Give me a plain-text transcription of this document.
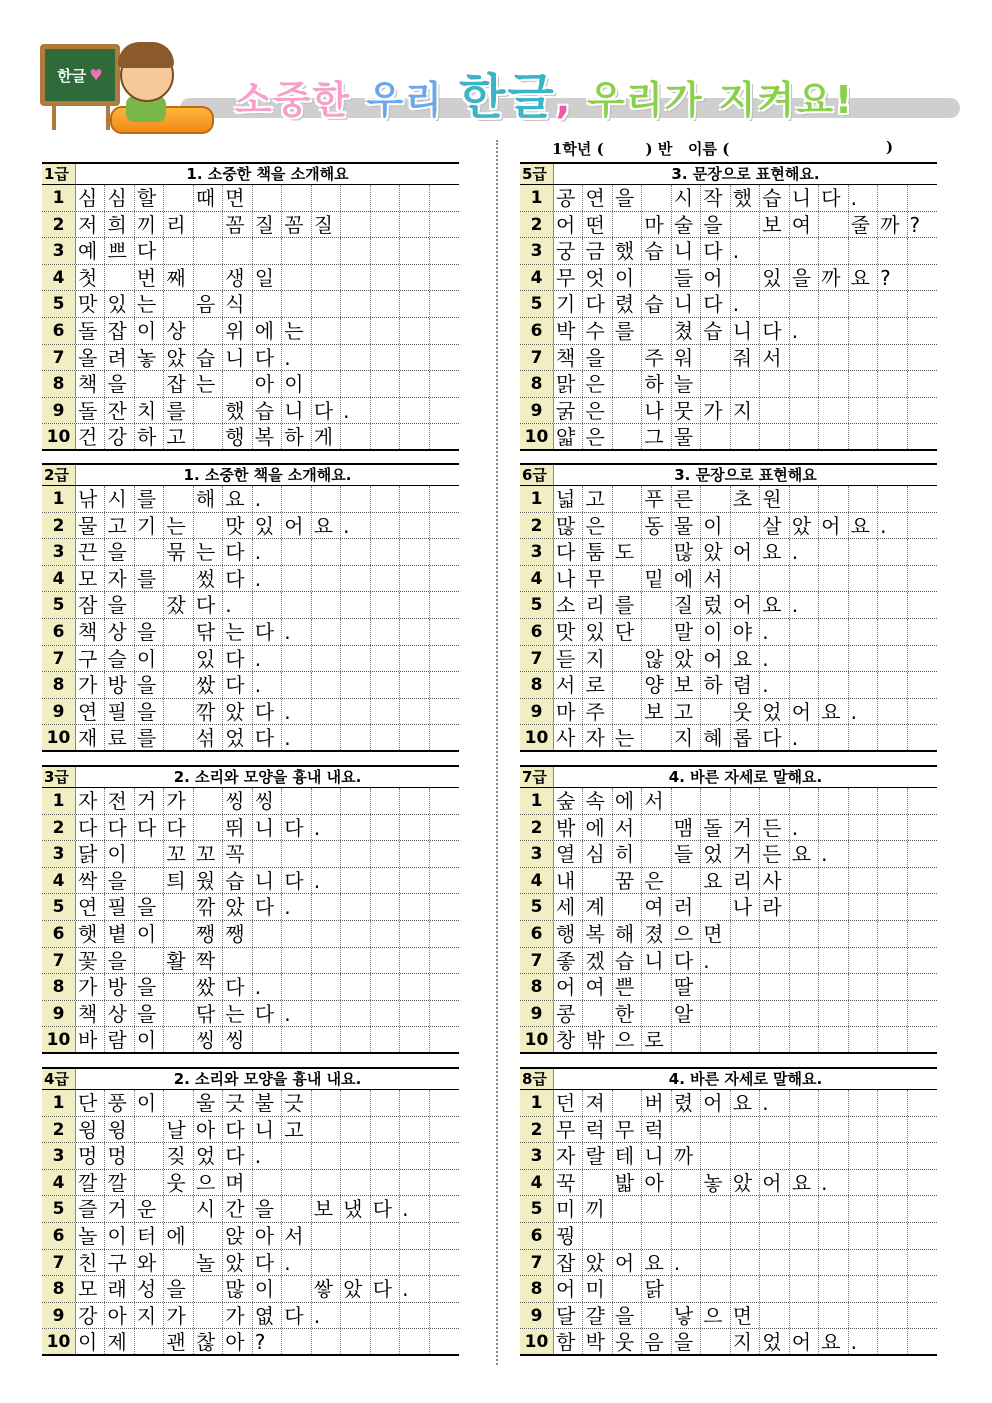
한글 ♥
소중한 우리 한글, 우리가 지켜요!
1학년 ( ) 반   이름 ( )
1급	1. 소중한 책을 소개해요
1 심 심 할	때 면
2 저 희 끼 리	꼼 질 꼼 질
3 예 쁘 다
4 첫	번 째	생 일
5 맛 있 는	음 식
6 돌 잡 이 상	위 에 는
7 올 려 놓 았 습 니 다 .
8 책 을	잡 는	아 이
9 돌 잔 치 를	했 습 니 다 .
10 건 강 하 고	행 복 하 게
2급	1. 소중한 책을 소개해요.
1 낚 시 를	해 요 .
2 물 고 기 는	맛 있 어 요 .
3 끈 을	묶 는 다 .
4 모 자 를	썼 다 .
5 잠 을	잤 다 .
6 책 상 을	닦 는 다 .
7 구 슬 이	있 다 .
8 가 방 을	쌌 다 .
9 연 필 을	깎 았 다 .
10 재 료 를	섞 었 다 .
3급	2. 소리와 모양을 흉내 내요.
1 자 전 거 가	씽 씽
2 다 다 다 다	뛰 니 다 .
3 닭 이	꼬 꼬 꼭
4 싹 을	틔 웠 습 니 다 .
5 연 필 을	깎 았 다 .
6 햇 볕 이	쨍 쨍
7 꽃 을	활 짝
8 가 방 을	쌌 다 .
9 책 상 을	닦 는 다 .
10 바 람 이	씽 씽
4급	2. 소리와 모양을 흉내 내요.
1 단 풍 이	울 긋 불 긋
2 윙 윙	날 아 다 니 고
3 멍 멍	짖 었 다 .
4 깔 깔	웃 으 며
5 즐 거 운	시 간 을	보 냈 다 .
6 놀 이 터 에	앉 아 서
7 친 구 와	놀 았 다 .
8 모 래 성 을	많 이	쌓 았 다 .
9 강 아 지 가	가 엾 다 .
10 이 제	괜 찮 아 ?
5급	3. 문장으로 표현해요.
1 공 연 을	시 작 했 습 니 다 .
2 어 떤	마 술 을	보 여	줄 까 ?
3 궁 금 했 습 니 다 .
4 무 엇 이	들 어	있 을 까 요 ?
5 기 다 렸 습 니 다 .
6 박 수 를	쳤 습 니 다 .
7 책 을	주 워	줘 서
8 맑 은	하 늘
9 굵 은	나 뭇 가 지
10 얇 은	그 물
6급	3. 문장으로 표현해요
1 넓 고	푸 른	초 원
2 많 은	동 물 이	살 았 어 요 .
3 다 툼 도	많 았 어 요 .
4 나 무	밑 에 서
5 소 리 를	질 렀 어 요 .
6 맛 있 단	말 이 야 .
7 듣 지	않 았 어 요 .
8 서 로	양 보 하 렴 .
9 마 주	보 고	웃 었 어 요 .
10 사 자 는	지 혜 롭 다 .
7급	4. 바른 자세로 말해요.
1 숲 속 에 서
2 밖 에 서	맴 돌 거 든 .
3 열 심 히	들 었 거 든 요 .
4 내	꿈 은	요 리 사
5 세 계	여 러	나 라
6 행 복 해 졌 으 면
7 좋 겠 습 니 다 .
8 어 여 쁜	딸
9 콩	한	알
10 창 밖 으 로
8급	4. 바른 자세로 말해요.
1 던 져	버 렸 어 요 .
2 무 럭 무 럭
3 자 랄 테 니 까
4 꾹	밟 아	놓 았 어 요 .
5 미 끼
6 꿩
7 잡 았 어 요 .
8 어 미	닭
9 달 걀 을	낳 으 면
10 함 박 웃 음 을	지 었 어 요 .
